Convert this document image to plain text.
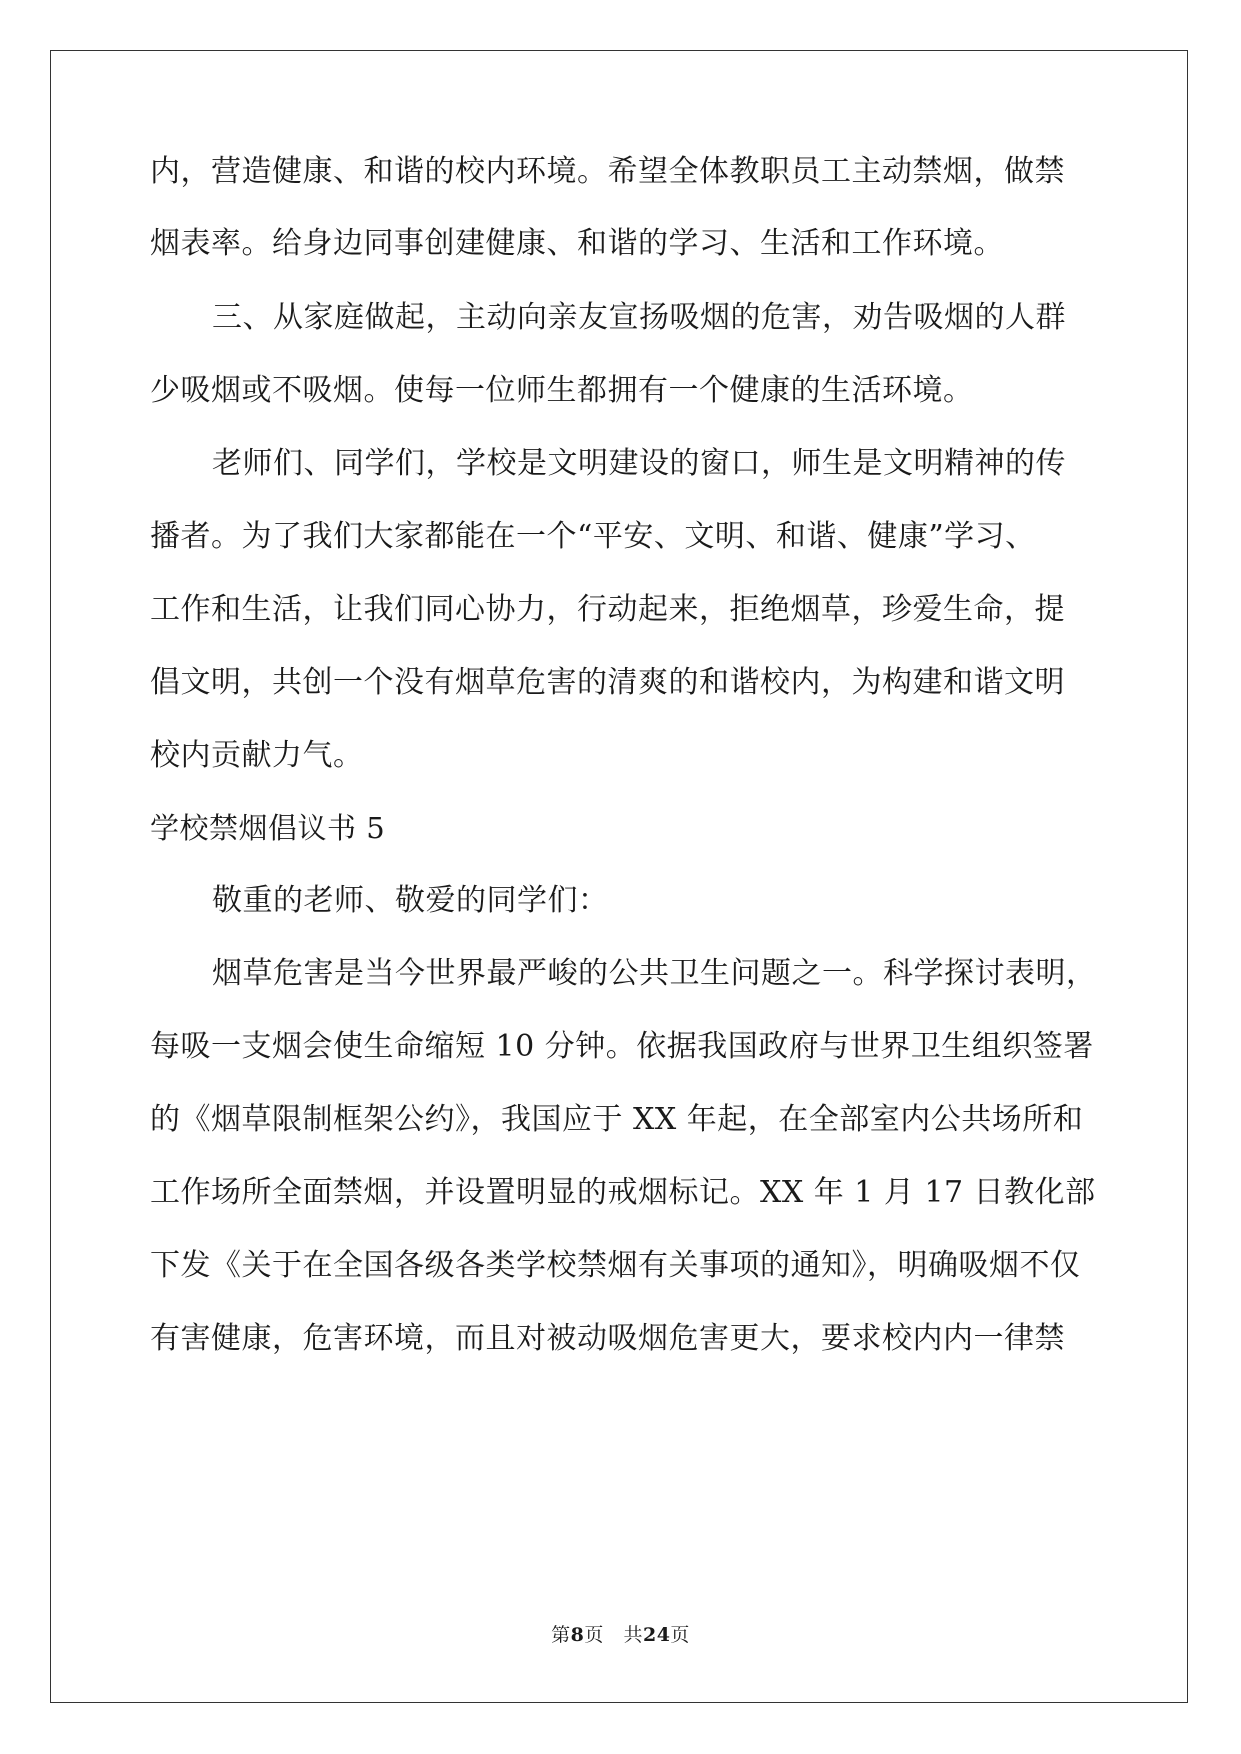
内，营造健康、和谐的校内环境。希望全体教职员工主动禁烟，做禁
烟表率。给身边同事创建健康、和谐的学习、生活和工作环境。
三、从家庭做起，主动向亲友宣扬吸烟的危害，劝告吸烟的人群
少吸烟或不吸烟。使每一位师生都拥有一个健康的生活环境。
老师们、同学们，学校是文明建设的窗口，师生是文明精神的传
播者。为了我们大家都能在一个“平安、文明、和谐、健康”学习、
工作和生活，让我们同心协力，行动起来，拒绝烟草，珍爱生命，提
倡文明，共创一个没有烟草危害的清爽的和谐校内，为构建和谐文明
校内贡献力气。
学校禁烟倡议书 5
敬重的老师、敬爱的同学们：
烟草危害是当今世界最严峻的公共卫生问题之一。科学探讨表明，
每吸一支烟会使生命缩短 10 分钟。依据我国政府与世界卫生组织签署
的《烟草限制框架公约》，我国应于 XX 年起，在全部室内公共场所和
工作场所全面禁烟，并设置明显的戒烟标记。XX 年 1 月 17 日教化部
下发《关于在全国各级各类学校禁烟有关事项的通知》，明确吸烟不仅
有害健康，危害环境，而且对被动吸烟危害更大，要求校内内一律禁
第8页 共24页
